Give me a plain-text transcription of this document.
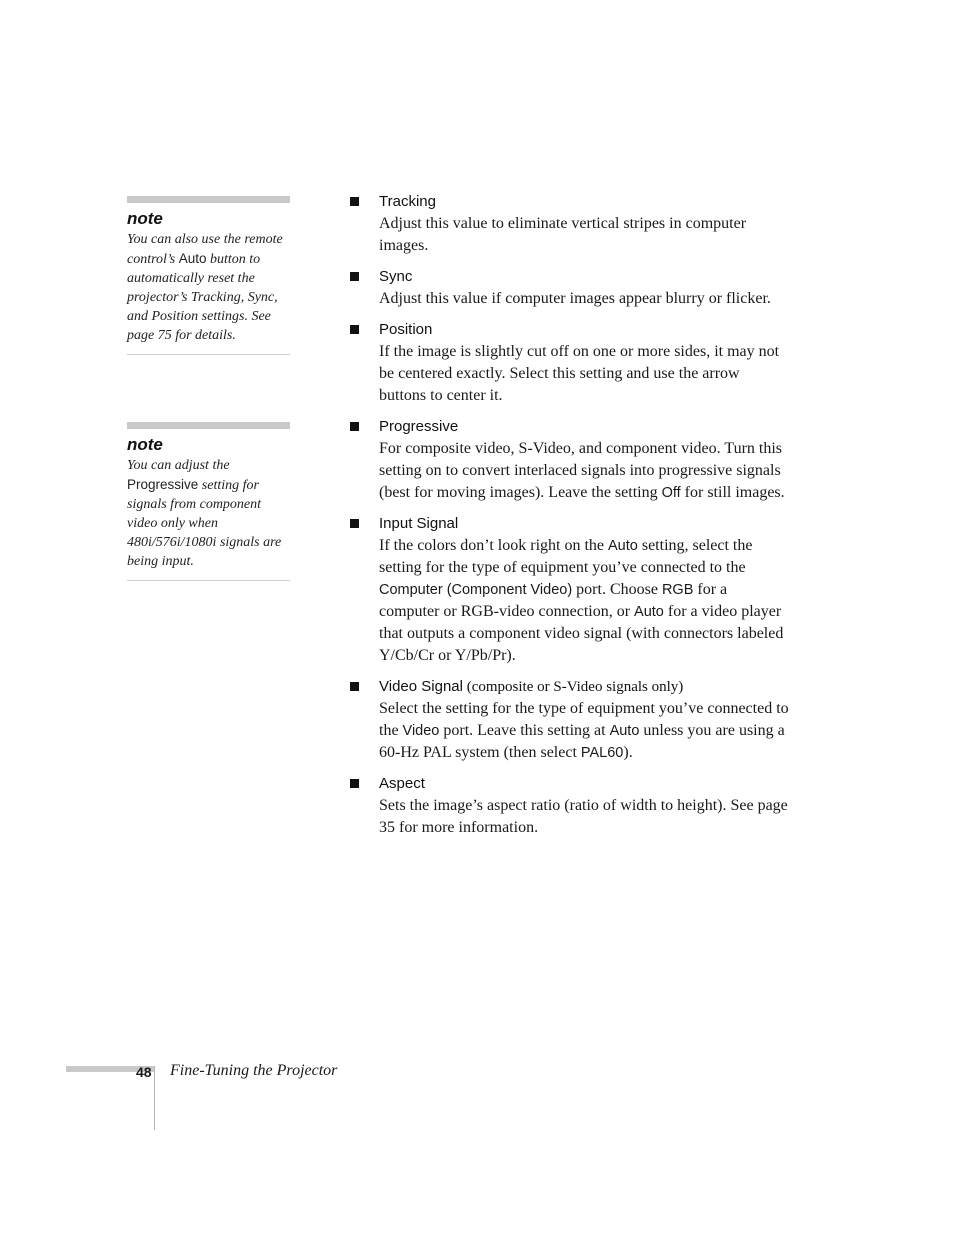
note
You can also use the remote control’s Auto button to automatically reset the projector’s Tracking, Sync, and Position settings. See page 75 for details.
note
You can adjust the Progressive setting for signals from component video only when 480i/576i/1080i signals are being input.
Tracking
Adjust this value to eliminate vertical stripes in computer images.
Sync
Adjust this value if computer images appear blurry or flicker.
Position
If the image is slightly cut off on one or more sides, it may not be centered exactly. Select this setting and use the arrow buttons to center it.
Progressive
For composite video, S-Video, and component video. Turn this setting on to convert interlaced signals into progressive signals (best for moving images). Leave the setting Off for still images.
Input Signal
If the colors don’t look right on the Auto setting, select the setting for the type of equipment you’ve connected to the Computer (Component Video) port. Choose RGB for a computer or RGB-video connection, or Auto for a video player that outputs a component video signal (with connectors labeled Y/Cb/Cr or Y/Pb/Pr).
Video Signal (composite or S-Video signals only)
Select the setting for the type of equipment you’ve connected to the Video port. Leave this setting at Auto unless you are using a 60-Hz PAL system (then select PAL60).
Aspect
Sets the image’s aspect ratio (ratio of width to height). See page 35 for more information.
48 Fine-Tuning the Projector
